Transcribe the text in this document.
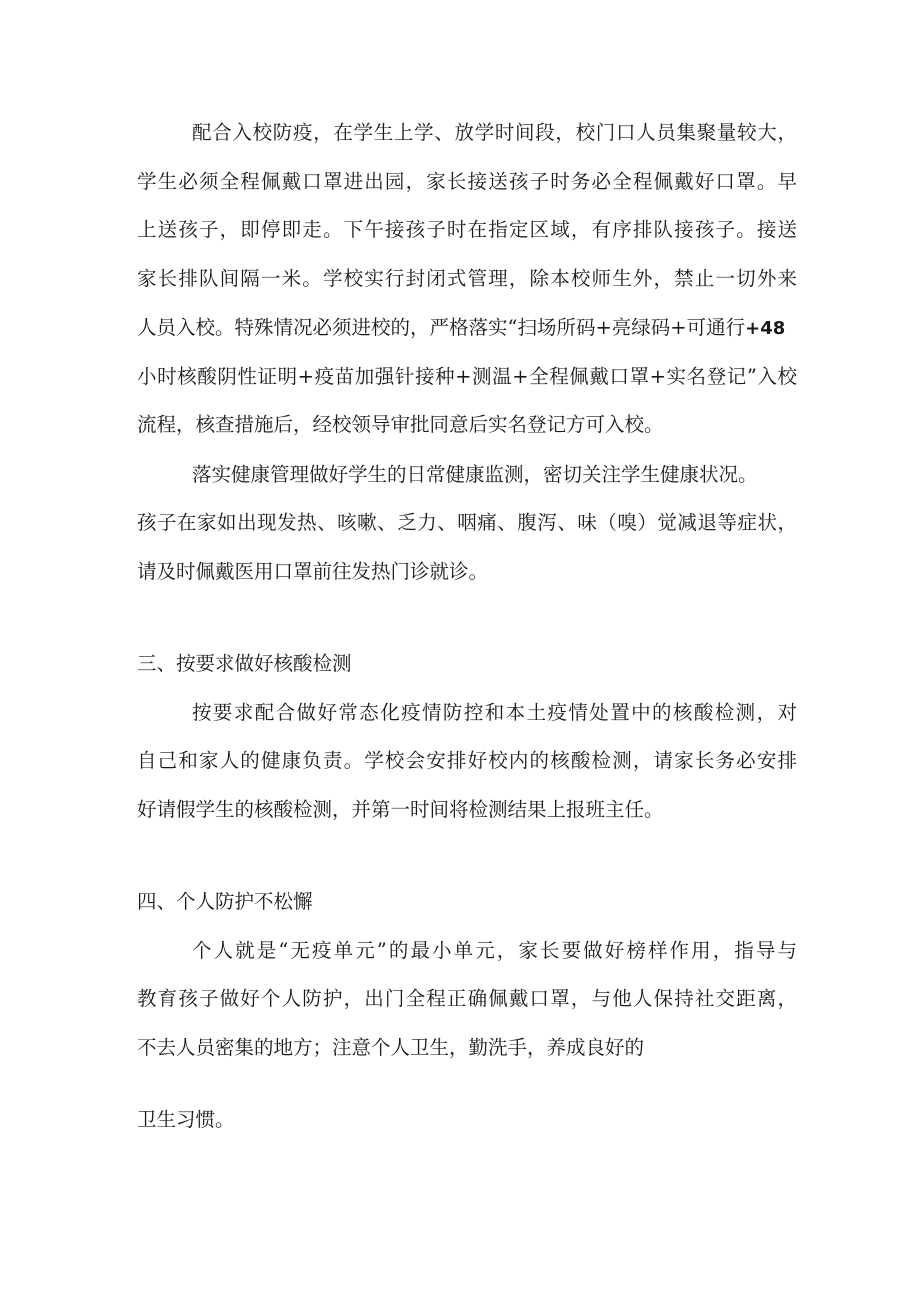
配合入校防疫，在学生上学、放学时间段，校门口人员集聚量较大，
学生必须全程佩戴口罩进出园，家长接送孩子时务必全程佩戴好口罩。早
上送孩子，即停即走。下午接孩子时在指定区域，有序排队接孩子。接送
家长排队间隔一米。学校实行封闭式管理，除本校师生外，禁止一切外来
人员入校。特殊情况必须进校的，严格落实“扫场所码+亮绿码+可通行+48
小时核酸阴性证明+疫苗加强针接种+测温+全程佩戴口罩+实名登记”入校
流程，核查措施后，经校领导审批同意后实名登记方可入校。
落实健康管理做好学生的日常健康监测，密切关注学生健康状况。
孩子在家如出现发热、咳嗽、乏力、咽痛、腹泻、味（嗅）觉减退等症状，
请及时佩戴医用口罩前往发热门诊就诊。
三、按要求做好核酸检测
按要求配合做好常态化疫情防控和本土疫情处置中的核酸检测，对
自己和家人的健康负责。学校会安排好校内的核酸检测，请家长务必安排
好请假学生的核酸检测，并第一时间将检测结果上报班主任。
四、个人防护不松懈
个人就是“无疫单元”的最小单元，家长要做好榜样作用，指导与
教育孩子做好个人防护，出门全程正确佩戴口罩，与他人保持社交距离，
不去人员密集的地方；注意个人卫生，勤洗手，养成良好的
卫生习惯。
